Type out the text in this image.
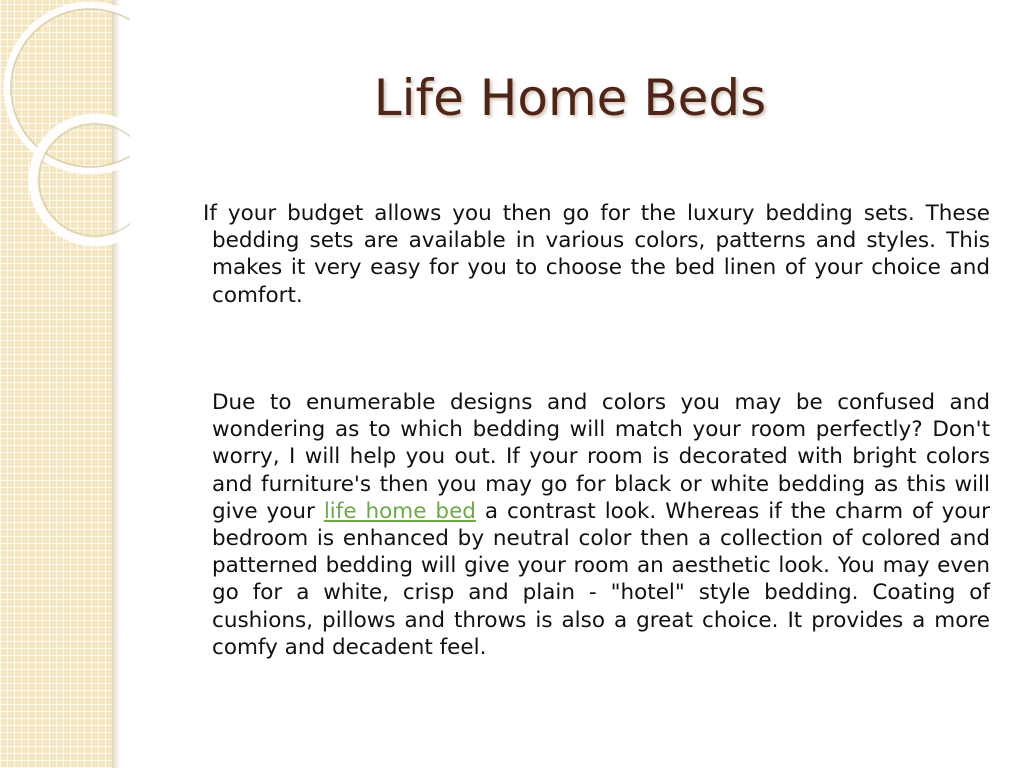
Life Home Beds

If your budget allows you then go for the luxury bedding sets. These bedding sets are available in various colors, patterns and styles. This makes it very easy for you to choose the bed linen of your choice and comfort.

Due to enumerable designs and colors you may be confused and wondering as to which bedding will match your room perfectly? Don't worry, I will help you out. If your room is decorated with bright colors and furniture's then you may go for black or white bedding as this will give your life home bed a contrast look. Whereas if the charm of your bedroom is enhanced by neutral color then a collection of colored and patterned bedding will give your room an aesthetic look. You may even go for a white, crisp and plain - "hotel" style bedding. Coating of cushions, pillows and throws is also a great choice. It provides a more comfy and decadent feel.
